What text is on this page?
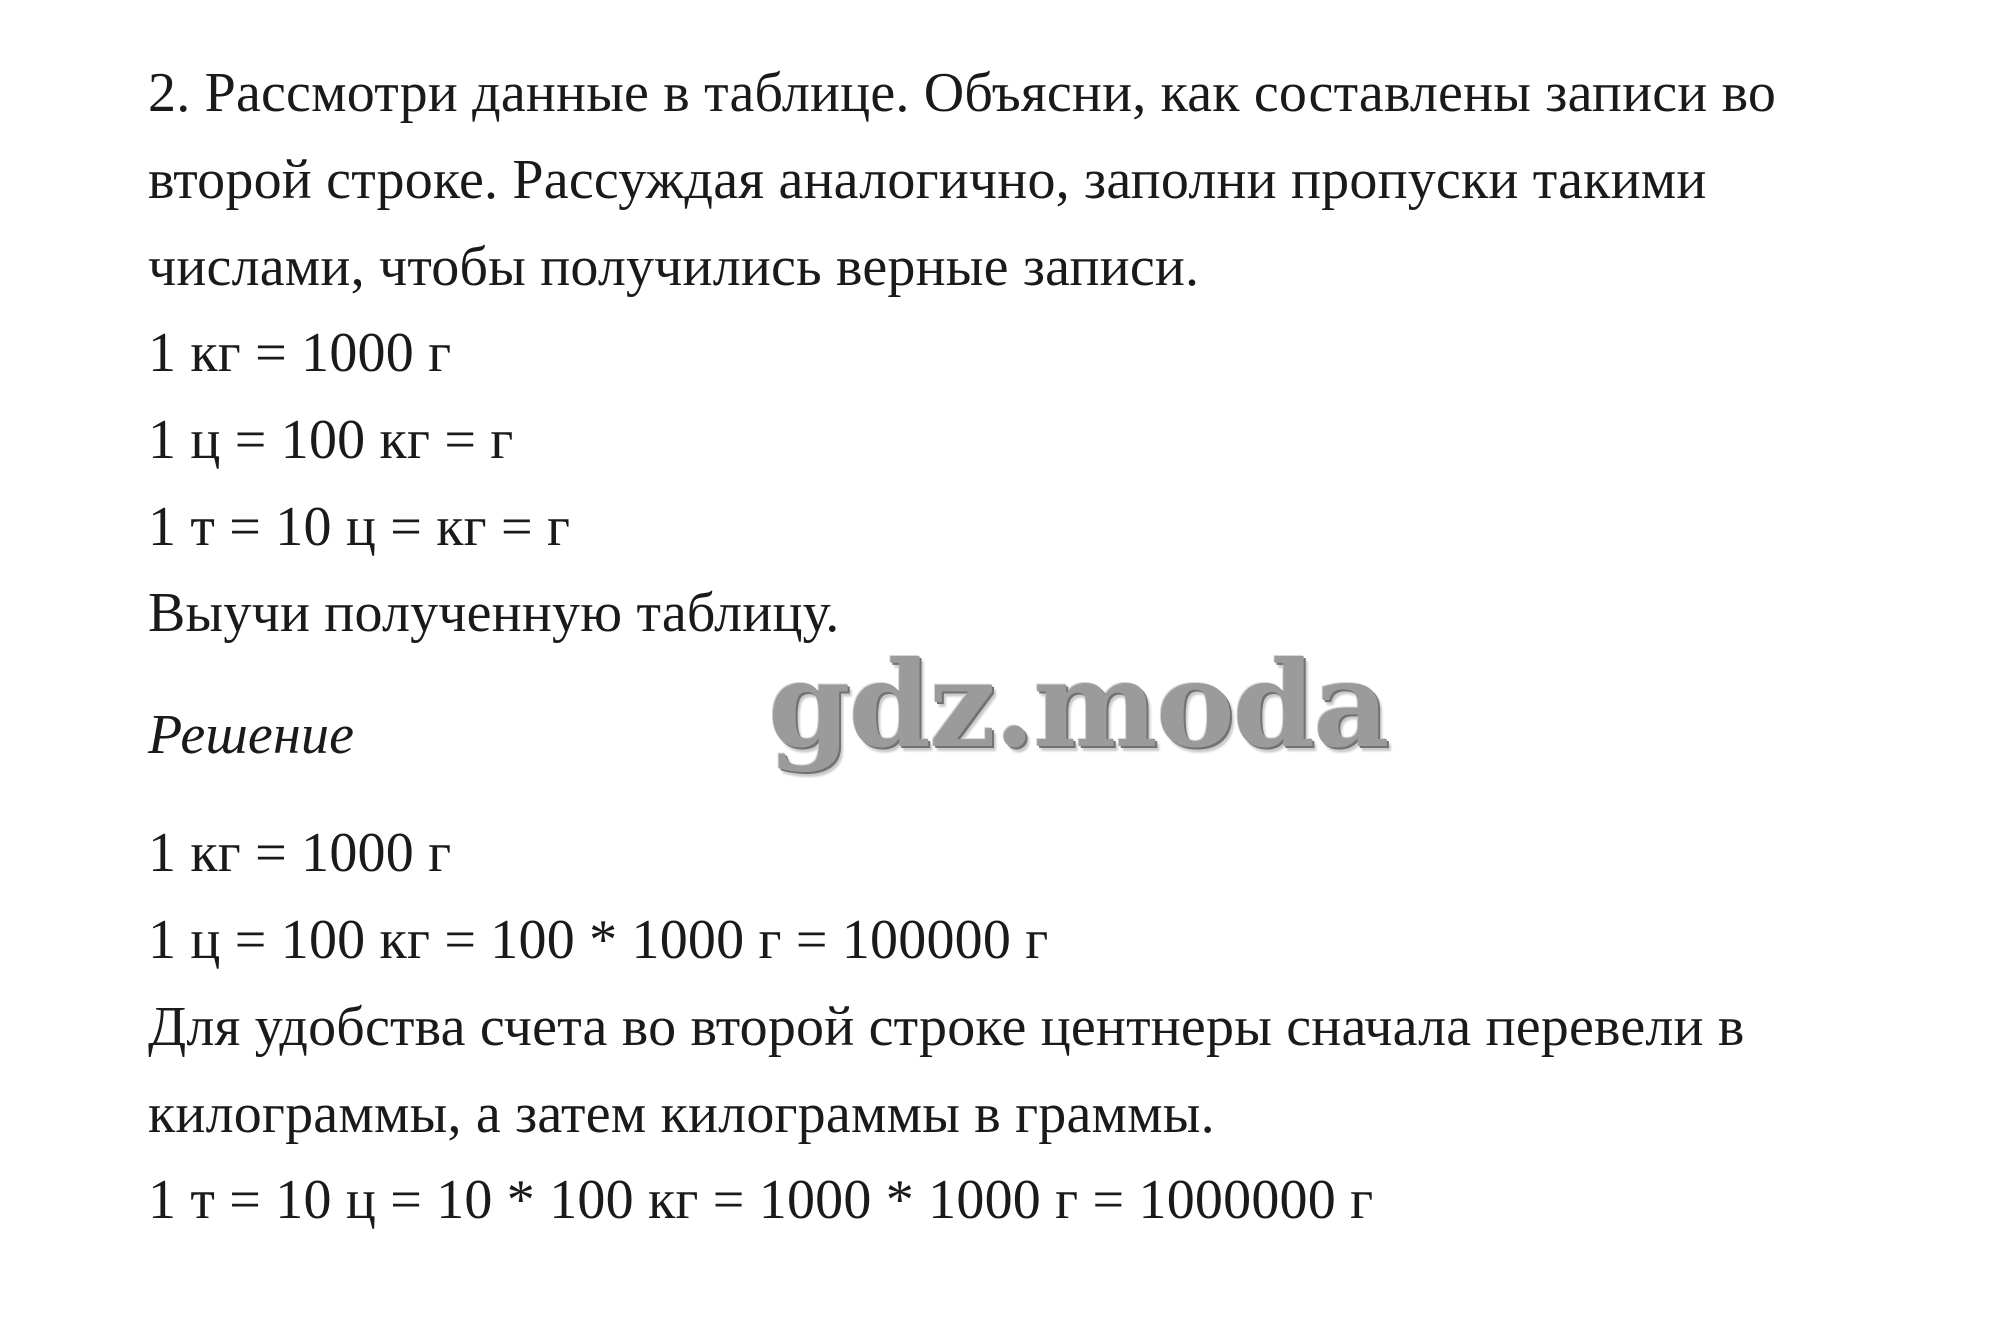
2. Рассмотри данные в таблице. Объясни, как составлены записи во
второй строке. Рассуждая аналогично, заполни пропуски такими
числами, чтобы получились верные записи.
1 кг = 1000 г
1 ц = 100 кг = г
1 т = 10 ц = кг = г
Выучи полученную таблицу.
Решение	gdz.moda
1 кг = 1000 г
1 ц = 100 кг = 100 * 1000 г = 100000 г
Для удобства счета во второй строке центнеры сначала перевели в
килограммы, а затем килограммы в граммы.
1 т = 10 ц = 10 * 100 кг = 1000 * 1000 г = 1000000 г
